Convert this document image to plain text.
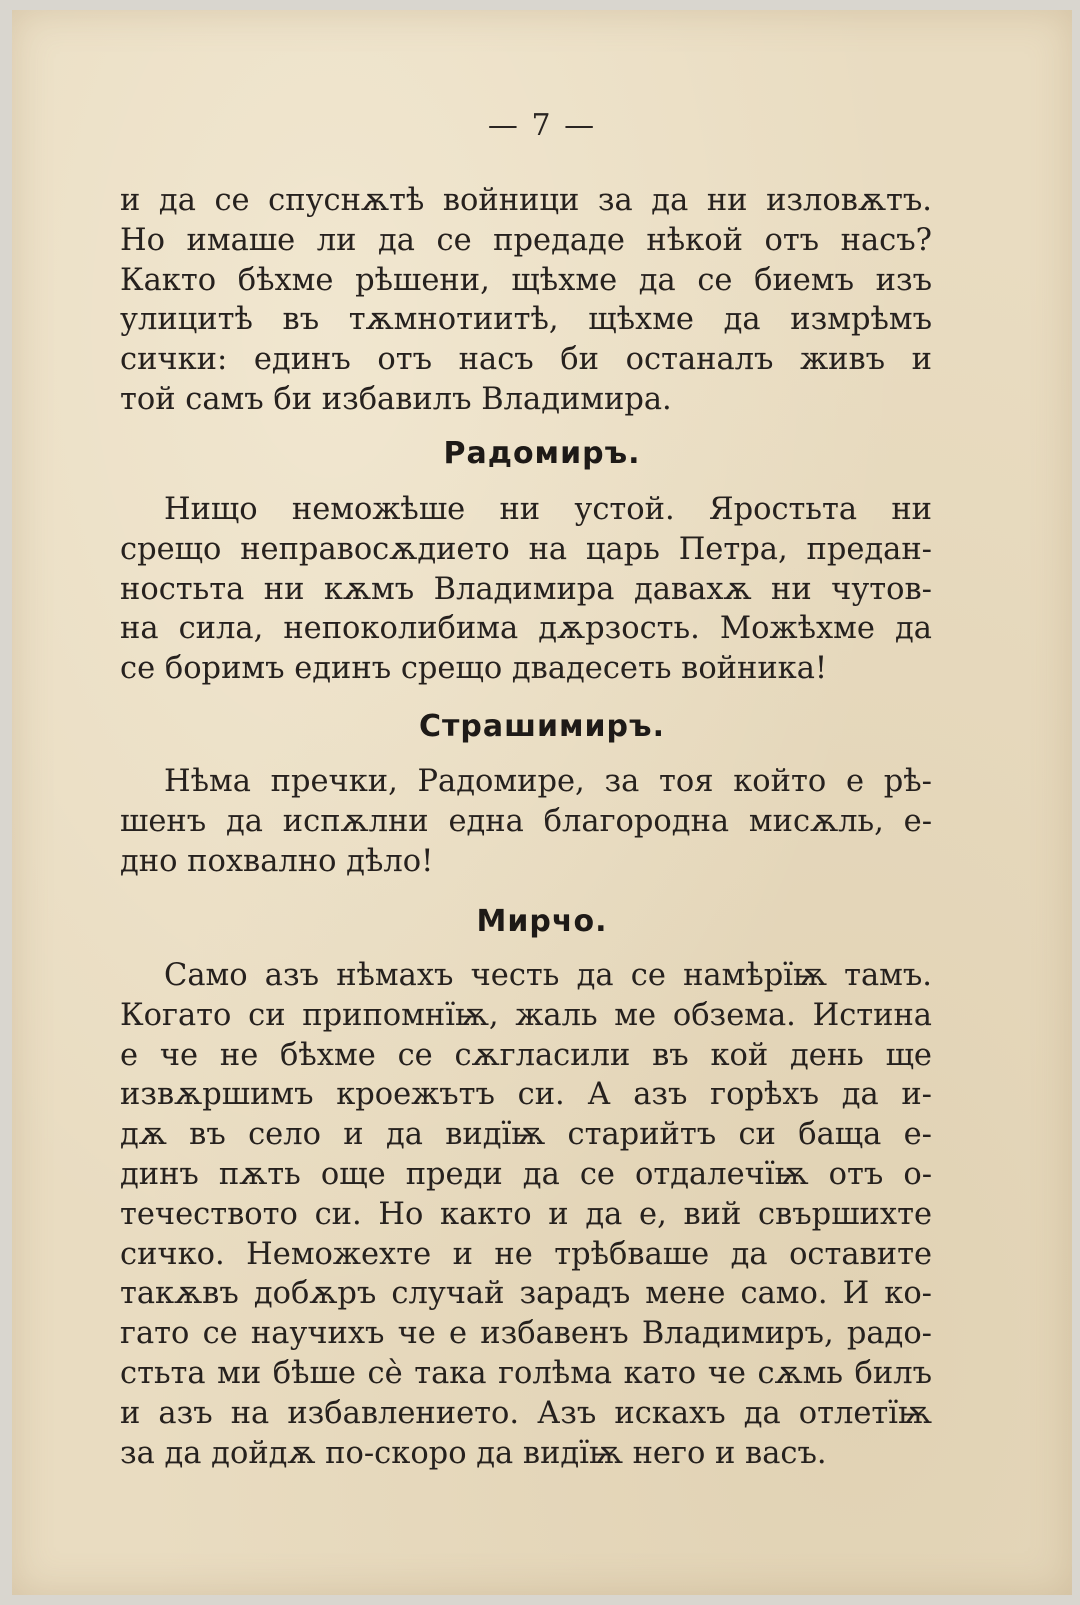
— 7 —
и да се спуснѫтѣ войници за да ни изловѫтъ.
Но имаше ли да се предаде нѣкой отъ насъ?
Както бѣхме рѣшени, щѣхме да се биемъ изъ
улицитѣ въ тѫмнотиитѣ, щѣхме да измрѣмъ
сички: единъ отъ насъ би останалъ живъ и
той самъ би избавилъ Владимира.
Радомиръ.
Нищо неможѣше ни устой. Яростьта ни
срещо неправосѫдието на царь Петра, предан-
ностьта ни кѫмъ Владимира давахѫ ни чутов-
на сила, непоколибима дѫрзость. Можѣхме да
се боримъ единъ срещо двадесеть войника!
Страшимиръ.
Нѣма пречки, Радомире, за тоя който е рѣ-
шенъ да испѫлни една благородна мисѫль, е-
дно похвално дѣло!
Мирчо.
Само азъ нѣмахъ честь да се намѣрїѭ тамъ.
Когато си припомнїѭ, жаль ме обзема. Истина
е че не бѣхме се сѫгласили въ кой день ще
извѫршимъ кроежътъ си. А азъ горѣхъ да и-
дѫ въ село и да видїѭ старийтъ си баща е-
динъ пѫть още преди да се отдалечїѭ отъ о-
течеството си. Но както и да е, вий свършихте
сичко. Неможехте и не трѣбваше да оставите
такѫвъ добѫръ случай зарадъ мене само. И ко-
гато се научихъ че е избавенъ Владимиръ, радо-
стьта ми бѣше сѐ така голѣма като че сѫмь билъ
и азъ на избавлението. Азъ искахъ да отлетїѭ
за да дойдѫ по-скоро да видїѭ него и васъ.
